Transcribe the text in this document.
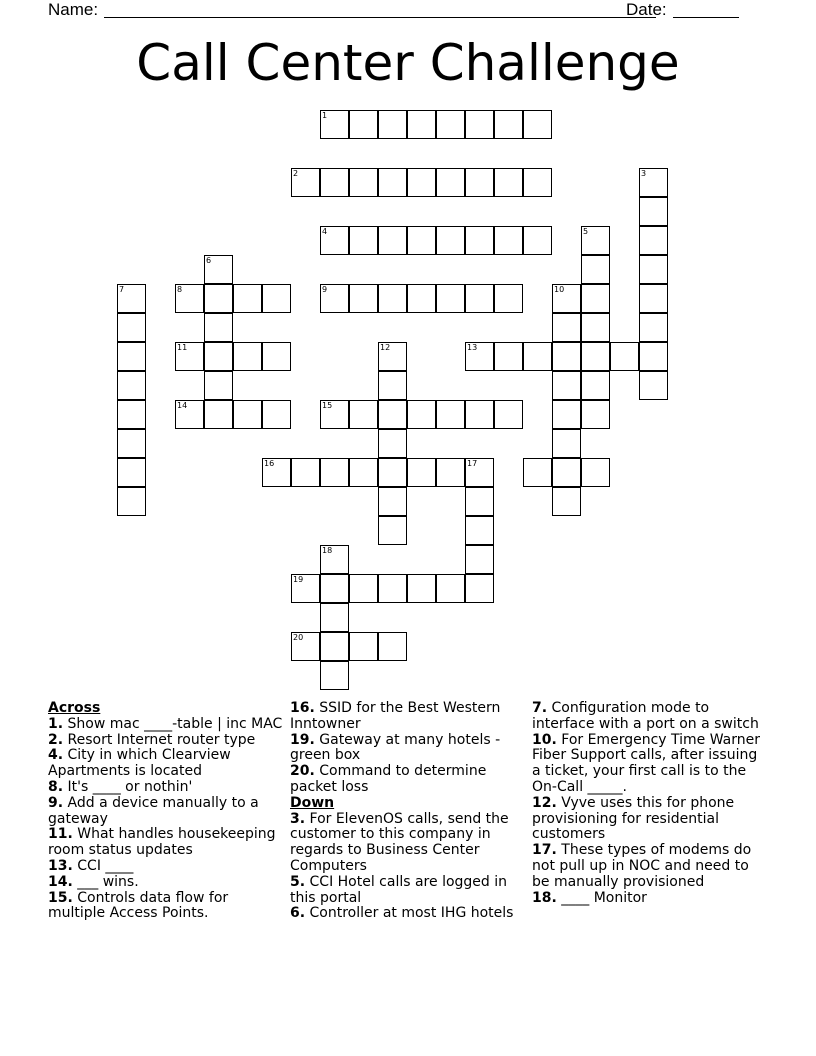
Name:	Date:
Call Center Challenge
1
2	3
4	5
6
7	8	9	10
11	12	13
14	15
16	17
18
19
20
Across
1. Show mac ____-table | inc MAC
2. Resort Internet router type
4. City in which Clearview Apartments is located
8. It's ____ or nothin'
9. Add a device manually to a gateway
11. What handles housekeeping room status updates
13. CCI ____
14. ___ wins.
15. Controls data flow for multiple Access Points.
16. SSID for the Best Western Inntowner
19. Gateway at many hotels - green box
20. Command to determine packet loss
Down
3. For ElevenOS calls, send the customer to this company in regards to Business Center Computers
5. CCI Hotel calls are logged in this portal
6. Controller at most IHG hotels
7. Configuration mode to interface with a port on a switch
10. For Emergency Time Warner Fiber Support calls, after issuing a ticket, your first call is to the On-Call _____.
12. Vyve uses this for phone provisioning for residential customers
17. These types of modems do not pull up in NOC and need to be manually provisioned
18. ____ Monitor
